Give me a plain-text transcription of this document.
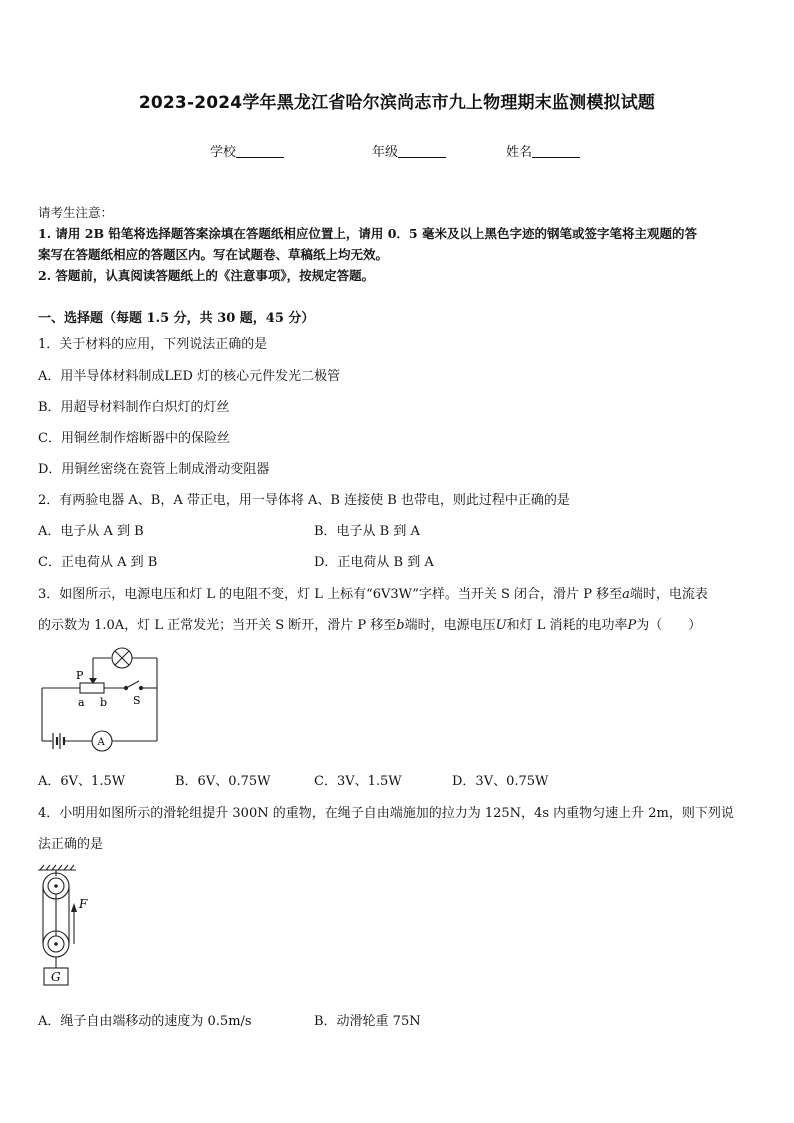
2023-2024学年黑龙江省哈尔滨尚志市九上物理期末监测模拟试题
学校	年级	姓名
请考生注意：
1. 请用 2B 铅笔将选择题答案涂填在答题纸相应位置上，请用 0．5 毫米及以上黑色字迹的钢笔或签字笔将主观题的答
案写在答题纸相应的答题区内。写在试题卷、草稿纸上均无效。
2. 答题前，认真阅读答题纸上的《注意事项》，按规定答题。
一、选择题（每题 1.5 分，共 30 题，45 分）
1．关于材料的应用，下列说法正确的是
A．用半导体材料制成LED 灯的核心元件发光二极管
B．用超导材料制作白炽灯的灯丝
C．用铜丝制作熔断器中的保险丝
D．用铜丝密绕在瓷管上制成滑动变阻器
2．有两验电器 A、B，A 带正电，用一导体将 A、B 连接使 B 也带电，则此过程中正确的是
A．电子从 A 到 B	B．电子从 B 到 A
C．正电荷从 A 到 B	D．正电荷从 B 到 A
3．如图所示，电源电压和灯 L 的电阻不变，灯 L 上标有“6V3W”字样。当开关 S 闭合，滑片 P 移至a端时，电流表
的示数为 1.0A，灯 L 正常发光；当开关 S 断开，滑片 P 移至b端时，电源电压U和灯 L 消耗的电功率P为（　　）
P
a b S
A
A．6V、1.5W	B．6V、0.75W	C．3V、1.5W	D．3V、0.75W
4．小明用如图所示的滑轮组提升 300N 的重物，在绳子自由端施加的拉力为 125N，4s 内重物匀速上升 2m，则下列说
法正确的是
F
G
A．绳子自由端移动的速度为 0.5m/s	B．动滑轮重 75N
